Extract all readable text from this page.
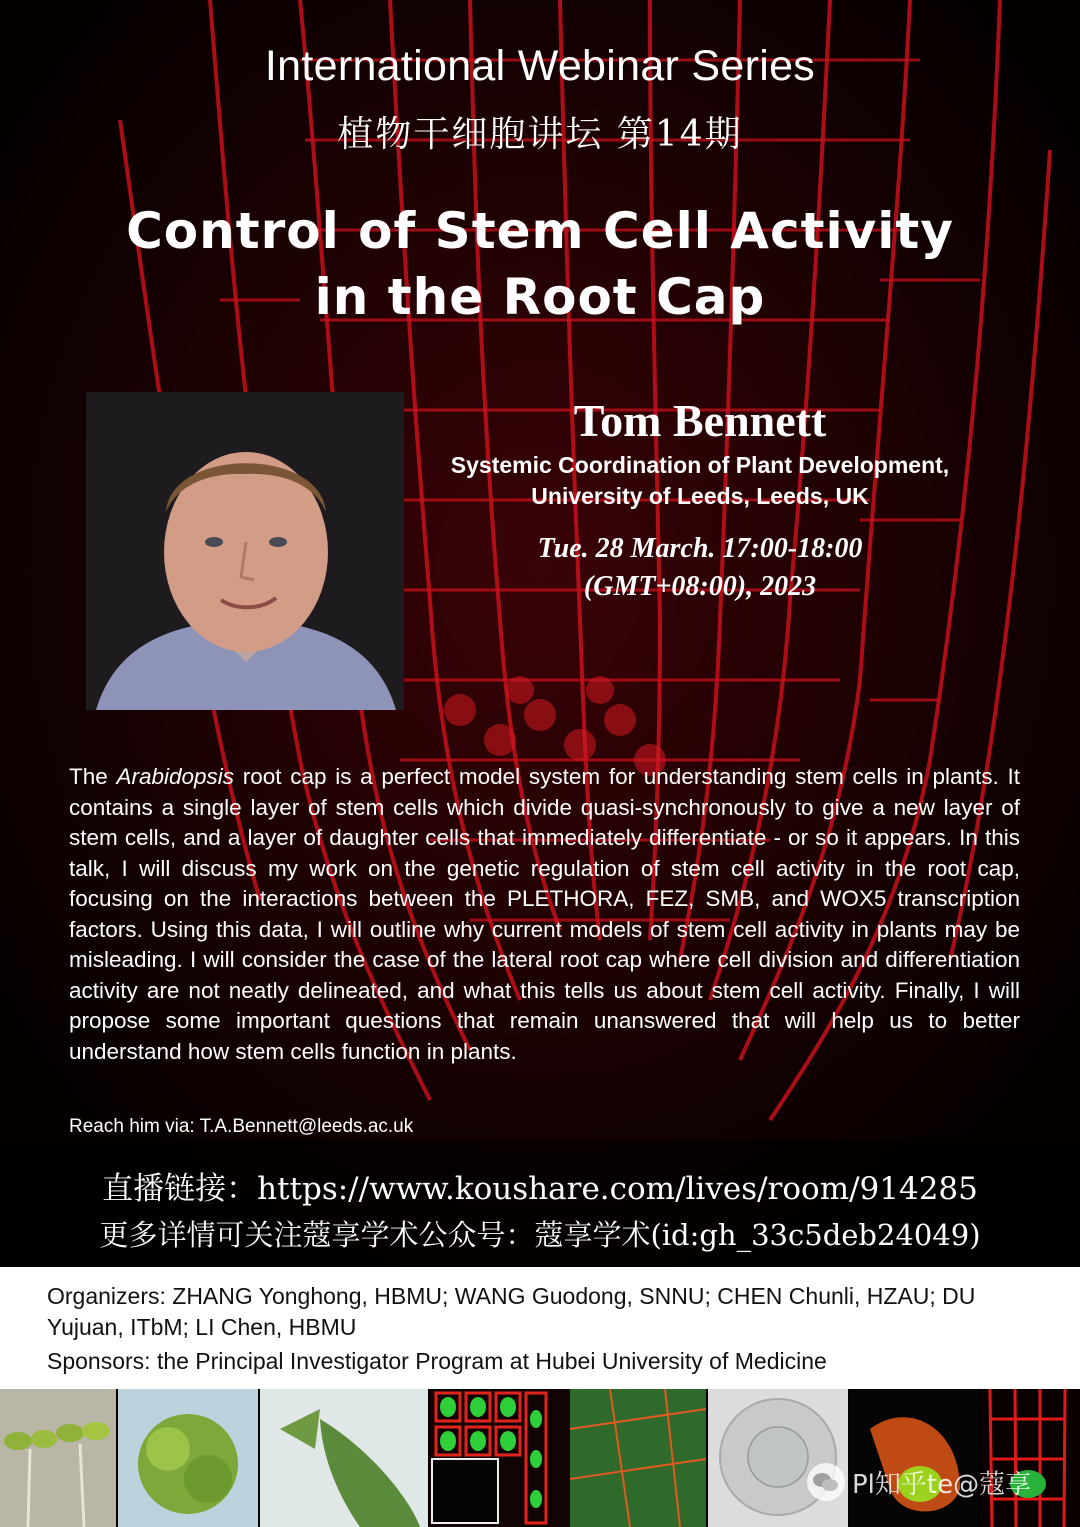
International Webinar Series
植物干细胞讲坛 第14期
Control of Stem Cell Activity
in the Root Cap
Tom Bennett
Systemic Coordination of Plant Development,
University of Leeds, Leeds, UK
Tue. 28 March. 17:00-18:00
(GMT+08:00), 2023
The Arabidopsis root cap is a perfect model system for understanding stem cells in plants. It contains a single layer of stem cells which divide quasi-synchronously to give a new layer of stem cells, and a layer of daughter cells that immediately differentiate - or so it appears. In this talk, I will discuss my work on the genetic regulation of stem cell activity in the root cap, focusing on the interactions between the PLETHORA, FEZ, SMB, and WOX5 transcription factors. Using this data, I will outline why current models of stem cell activity in plants may be misleading. I will consider the case of the lateral root cap where cell division and differentiation activity are not neatly delineated, and what this tells us about stem cell activity. Finally, I will propose some important questions that remain unanswered that will help us to better understand how stem cells function in plants.
Reach him via: T.A.Bennett@leeds.ac.uk
直播链接：https://www.koushare.com/lives/room/914285
更多详情可关注蔻享学术公众号：蔻享学术(id:gh_33c5deb24049)
Organizers: ZHANG Yonghong, HBMU; WANG Guodong, SNNU; CHEN Chunli, HZAU; DU Yujuan, ITbM; LI Chen, HBMU
Sponsors: the Principal Investigator Program at Hubei University of Medicine
Pl知乎te@蔻享
